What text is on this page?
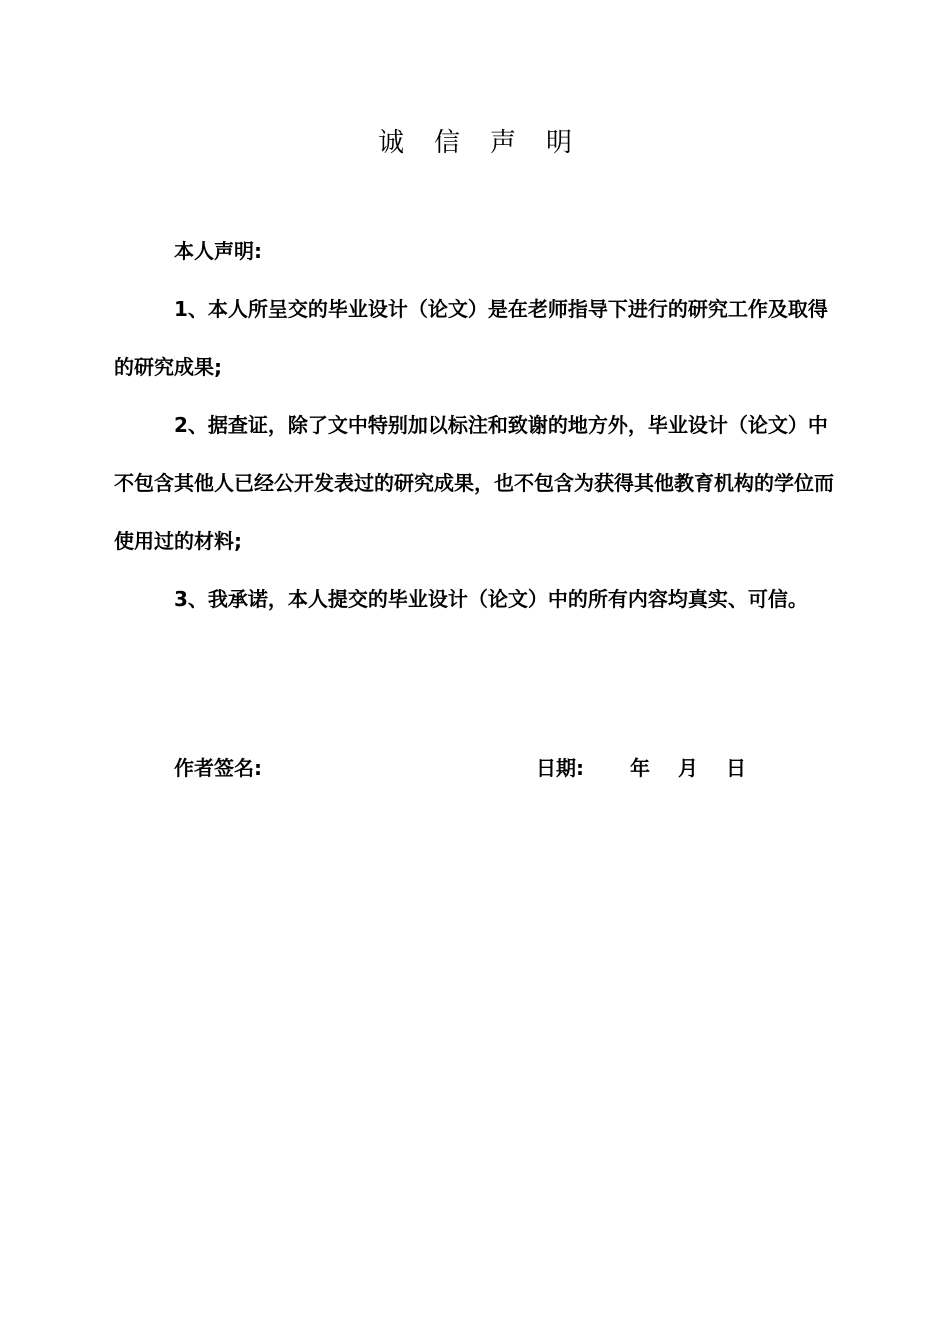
诚信声明
本人声明:

1、本人所呈交的毕业设计（论文）是在老师指导下进行的研究工作及取得的研究成果;

2、据查证，除了文中特别加以标注和致谢的地方外，毕业设计（论文）中不包含其他人已经公开发表过的研究成果，也不包含为获得其他教育机构的学位而使用过的材料;

3、我承诺，本人提交的毕业设计（论文）中的所有内容均真实、可信。

作者签名:	日期: 年 月 日
